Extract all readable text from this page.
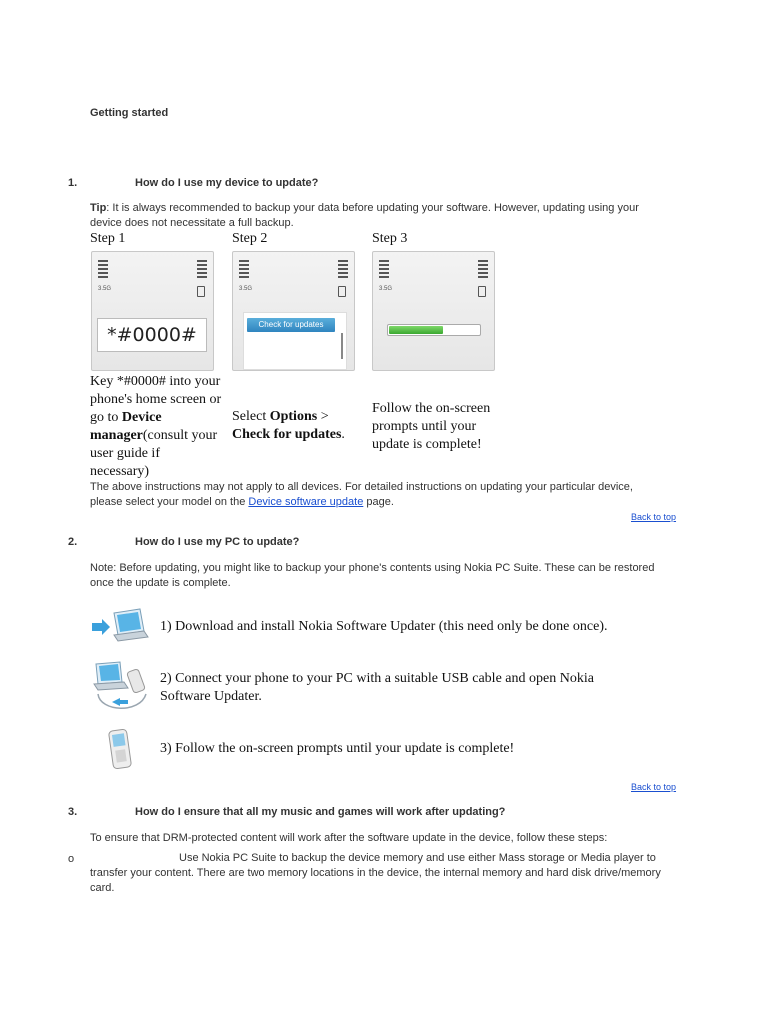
Getting started
1.	How do I use my device to update?
Tip: It is always recommended to backup your data before updating your software. However, updating using your
device does not necessitate a full backup.
Step 1	Step 2	Step 3
3.5G
*#0000#
3.5G
Check for updates
3.5G
Key *#0000# into your
phone's home screen or
go to Device
manager(consult your
user guide if
necessary)
Select Options >
Check for updates.
Follow the on-screen
prompts until your
update is complete!
The above instructions may not apply to all devices. For detailed instructions on updating your particular device,
please select your model on the Device software update page.
Back to top
2.	How do I use my PC to update?
Note: Before updating, you might like to backup your phone's contents using Nokia PC Suite. These can be restored
once the update is complete.
1) Download and install Nokia Software Updater (this need only be done once).
2) Connect your phone to your PC with a suitable USB cable and open Nokia
Software Updater.
3) Follow the on-screen prompts until your update is complete!
Back to top
3.	How do I ensure that all my music and games will work after updating?
To ensure that DRM-protected content will work after the software update in the device, follow these steps:
o	Use Nokia PC Suite to backup the device memory and use either Mass storage or Media player to
transfer your content. There are two memory locations in the device, the internal memory and hard disk drive/memory
card.
